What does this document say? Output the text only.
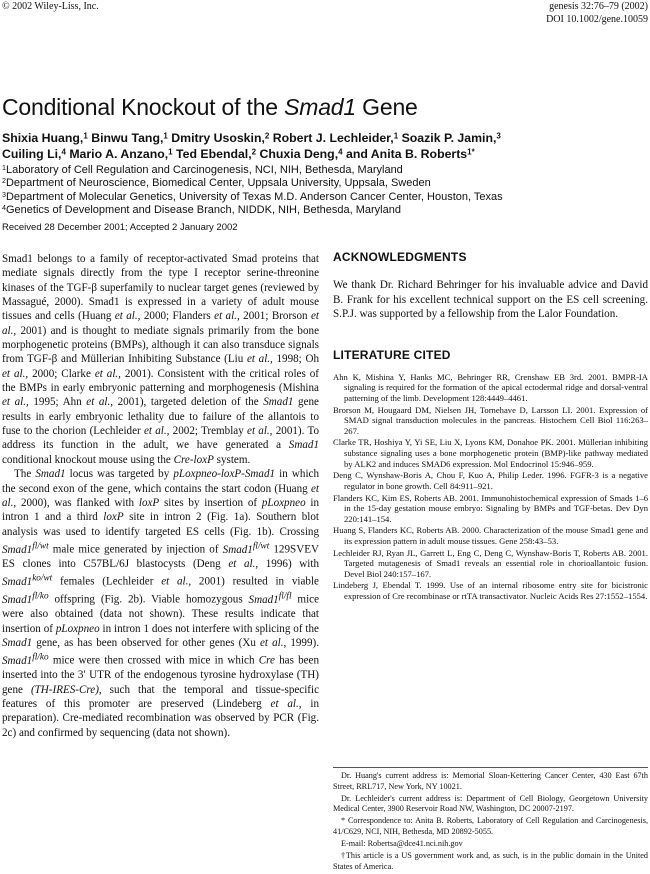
© 2002 Wiley-Liss, Inc.	genesis 32:76–79 (2002)
DOI 10.1002/gene.10059
Conditional Knockout of the Smad1 Gene
Shixia Huang,$^1$ Binwu Tang,$^1$ Dmitry Usoskin,$^2$ Robert J. Lechleider,$^1$ Soazik P. Jamin,$^3$
Cuiling Li,$^4$ Mario A. Anzano,$^1$ Ted Ebendal,$^2$ Chuxia Deng,$^4$ and Anita B. Roberts$^{1*}$
$^1$Laboratory of Cell Regulation and Carcinogenesis, NCI, NIH, Bethesda, Maryland
$^2$Department of Neuroscience, Biomedical Center, Uppsala University, Uppsala, Sweden
$^3$Department of Molecular Genetics, University of Texas M.D. Anderson Cancer Center, Houston, Texas
$^4$Genetics of Development and Disease Branch, NIDDK, NIH, Bethesda, Maryland
Received 28 December 2001; Accepted 2 January 2002

Smad1 belongs to a family of receptor-activated Smad proteins that mediate signals directly from the type I receptor serine-threonine kinases of the TGF-β superfamily to nuclear target genes (reviewed by Massagué, 2000). Smad1 is expressed in a variety of adult mouse tissues and cells (Huang et al., 2000; Flanders et al., 2001; Brorson et al., 2001) and is thought to mediate signals primarily from the bone morphogenetic proteins (BMPs), although it can also transduce signals from TGF-β and Müllerian Inhibiting Substance (Liu et al., 1998; Oh et al., 2000; Clarke et al., 2001). Consistent with the critical roles of the BMPs in early embryonic patterning and morphogenesis (Mishina et al., 1995; Ahn et al., 2001), targeted deletion of the Smad1 gene results in early embryonic lethality due to failure of the allantois to fuse to the chorion (Lechleider et al., 2002; Tremblay et al., 2001). To address its function in the adult, we have generated a Smad1 conditional knockout mouse using the Cre-loxP system.

The Smad1 locus was targeted by pLoxpneo-loxP-Smad1 in which the second exon of the gene, which contains the start codon (Huang et al., 2000), was flanked with loxP sites by insertion of pLoxpneo in intron 1 and a third loxP site in intron 2 (Fig. 1a). Southern blot analysis was used to identify targeted ES cells (Fig. 1b). Crossing $Smad1^{fl/wt}$ male mice generated by injection of $Smad1^{fl/wt}$ 129SVEV ES clones into C57BL/6J blastocysts (Deng et al., 1996) with $Smad1^{ko/wt}$ females (Lechleider et al., 2001) resulted in viable $Smad1^{fl/ko}$ offspring (Fig. 2b). Viable homozygous $Smad1^{fl/fl}$ mice were also obtained (data not shown). These results indicate that insertion of pLoxpneo in intron 1 does not interfere with splicing of the Smad1 gene, as has been observed for other genes (Xu et al., 1999). $Smad1^{fl/ko}$ mice were then crossed with mice in which Cre has been inserted into the 3′ UTR of the endogenous tyrosine hydroxylase (TH) gene (TH-IRES-Cre), such that the temporal and tissue-specific features of this promoter are preserved (Lindeberg et al., in preparation). Cre-mediated recombination was observed by PCR (Fig. 2c) and confirmed by sequencing (data not shown).

ACKNOWLEDGMENTS

We thank Dr. Richard Behringer for his invaluable advice and David B. Frank for his excellent technical support on the ES cell screening. S.P.J. was supported by a fellowship from the Lalor Foundation.

LITERATURE CITED

Ahn K, Mishina Y, Hanks MC, Behringer RR, Crenshaw EB 3rd. 2001. BMPR-IA signaling is required for the formation of the apical ectodermal ridge and dorsal-ventral patterning of the limb. Development 128:4449–4461.

Brorson M, Hougaard DM, Nielsen JH, Tornehave D, Larsson LI. 2001. Expression of SMAD signal transduction molecules in the pancreas. Histochem Cell Biol 116:263–267.

Clarke TR, Hoshiya Y, Yi SE, Liu X, Lyons KM, Donahoe PK. 2001. Müllerian inhibiting substance signaling uses a bone morphogenetic protein (BMP)-like pathway mediated by ALK2 and induces SMAD6 expression. Mol Endocrinol 15:946–959.

Deng C, Wynshaw-Boris A, Chou F, Kuo A, Philip Leder. 1996. FGFR-3 is a negative regulator in bone growth. Cell 84:911–921.

Flanders KC, Kim ES, Roberts AB. 2001. Immunohistochemical expression of Smads 1–6 in the 15-day gestation mouse embryo: Signaling by BMPs and TGF-betas. Dev Dyn 220:141–154.

Huang S, Flanders KC, Roberts AB. 2000. Characterization of the mouse Smad1 gene and its expression pattern in adult mouse tissues. Gene 258:43–53.

Lechleider RJ, Ryan JL, Garrett L, Eng C, Deng C, Wynshaw-Boris T, Roberts AB. 2001. Targeted mutagenesis of Smad1 reveals an essential role in chorioallantoic fusion. Devel Biol 240:157–167.

Lindeberg J, Ebendal T. 1999. Use of an internal ribosome entry site for bicistronic expression of Cre recombinase or rtTA transactivator. Nucleic Acids Res 27:1552–1554.

Dr. Huang's current address is: Memorial Sloan-Kettering Cancer Center, 430 East 67th Street, RRL717, New York, NY 10021.

Dr. Lechleider's current address is: Department of Cell Biology, Georgetown University Medical Center, 3900 Reservoir Road NW, Washington, DC 20007-2197.

* Correspondence to: Anita B. Roberts, Laboratory of Cell Regulation and Carcinogenesis, 41/C629, NCI, NIH, Bethesda, MD 20892-5055.

E-mail: Robertsa@dce41.nci.nih.gov

†This article is a US government work and, as such, is in the public domain in the United States of America.
